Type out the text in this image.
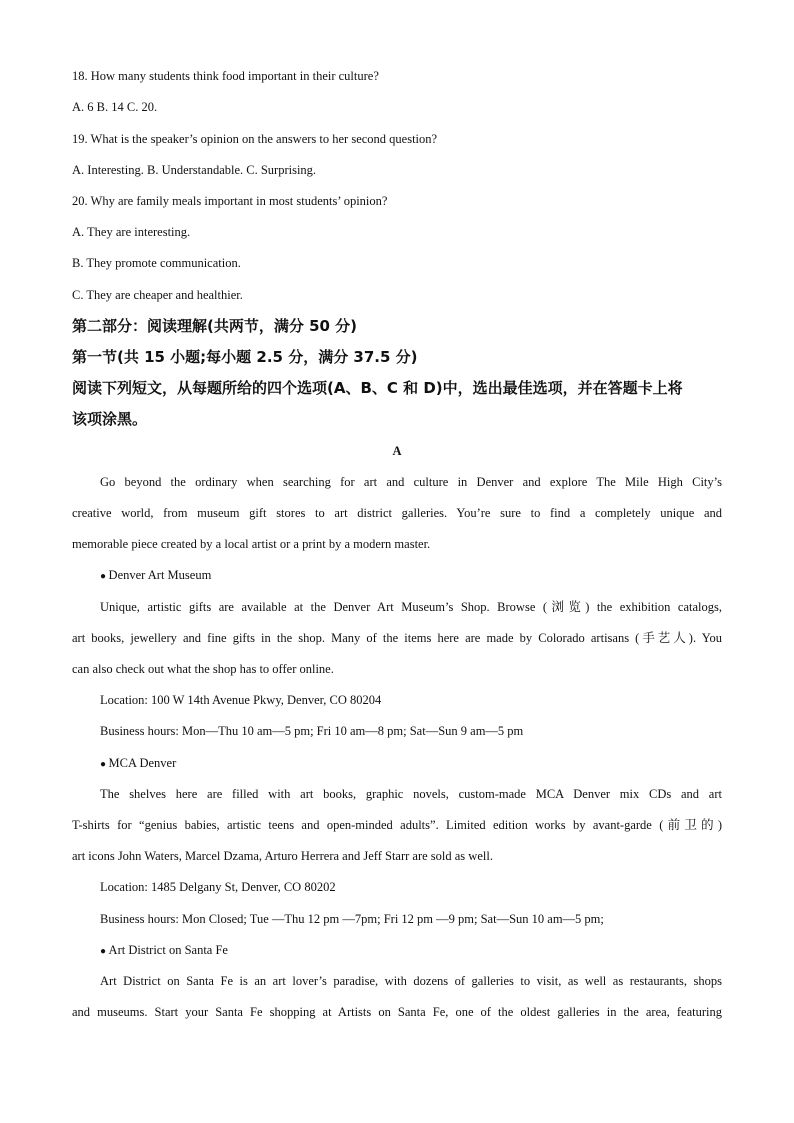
18. How many students think food important in their culture?
A. 6 B. 14 C. 20.
19. What is the speaker’s opinion on the answers to her second question?
A. Interesting. B. Understandable. C. Surprising.
20. Why are family meals important in most students’ opinion?
A. They are interesting.
B. They promote communication.
C. They are cheaper and healthier.
第二部分：阅读理解(共两节，满分 50 分)
第一节(共 15 小题;每小题 2.5 分，满分 37.5 分)
阅读下列短文，从每题所给的四个选项(A、B、C 和 D)中，选出最佳选项，并在答题卡上将
该项涂黑。
A
Go beyond the ordinary when searching for art and culture in Denver and explore The Mile High City’s
creative world, from museum gift stores to art district galleries. You’re sure to find a completely unique and
memorable piece created by a local artist or a print by a modern master.
● Denver Art Museum
Unique, artistic gifts are available at the Denver Art Museum’s Shop. Browse (浏览) the exhibition catalogs,
art books, jewellery and fine gifts in the shop. Many of the items here are made by Colorado artisans (手艺人). You
can also check out what the shop has to offer online.
Location: 100 W 14th Avenue Pkwy, Denver, CO 80204
Business hours: Mon—Thu 10 am—5 pm; Fri 10 am—8 pm; Sat—Sun 9 am—5 pm
● MCA Denver
The shelves here are filled with art books, graphic novels, custom-made MCA Denver mix CDs and art
T-shirts for “genius babies, artistic teens and open-minded adults”. Limited edition works by avant-garde (前卫的)
art icons John Waters, Marcel Dzama, Arturo Herrera and Jeff Starr are sold as well.
Location: 1485 Delgany St, Denver, CO 80202
Business hours: Mon Closed; Tue —Thu 12 pm —7pm; Fri 12 pm —9 pm; Sat—Sun 10 am—5 pm;
● Art District on Santa Fe
Art District on Santa Fe is an art lover’s paradise, with dozens of galleries to visit, as well as restaurants, shops
and museums. Start your Santa Fe shopping at Artists on Santa Fe, one of the oldest galleries in the area, featuring
